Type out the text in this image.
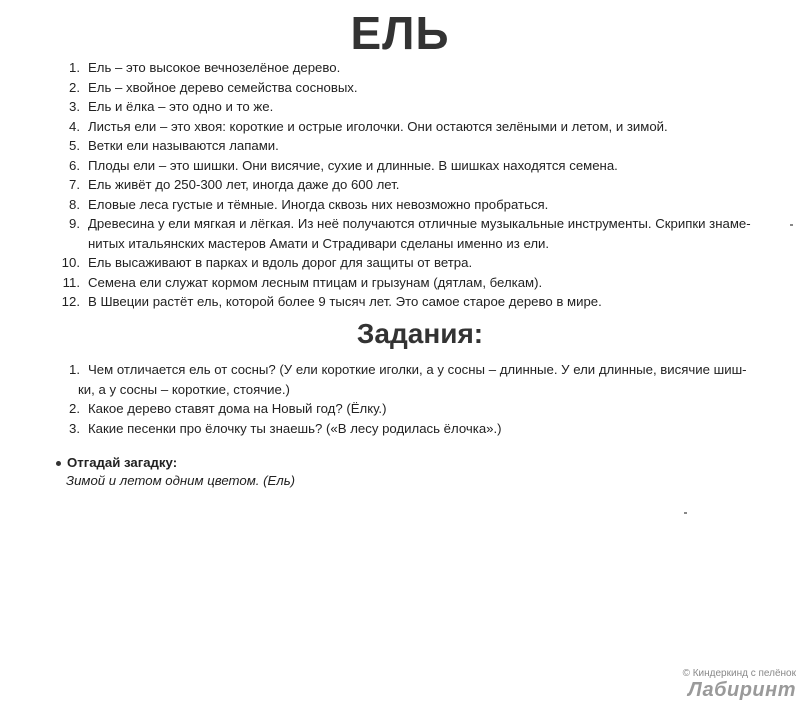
ЕЛЬ
1. Ель – это высокое вечнозелёное дерево.
2. Ель – хвойное дерево семейства сосновых.
3. Ель и ёлка – это одно и то же.
4. Листья ели – это хвоя: короткие и острые иголочки. Они остаются зелёными и летом, и зимой.
5. Ветки ели называются лапами.
6. Плоды ели – это шишки. Они висячие, сухие и длинные. В шишках находятся семена.
7. Ель живёт до 250-300 лет, иногда даже до 600 лет.
8. Еловые леса густые и тёмные. Иногда сквозь них невозможно пробраться.
9. Древесина у ели мягкая и лёгкая. Из неё получаются отличные музыкальные инструменты. Скрипки знаме-
нитых итальянских мастеров Амати и Страдивари сделаны именно из ели.
10. Ель высаживают в парках и вдоль дорог для защиты от ветра.
11. Семена ели служат кормом лесным птицам и грызунам (дятлам, белкам).
12. В Швеции растёт ель, которой более 9 тысяч лет. Это самое старое дерево в мире.
Задания:
1. Чем отличается ель от сосны? (У ели короткие иголки, а у сосны – длинные. У ели длинные, висячие шиш-
ки, а у сосны – короткие, стоячие.)
2. Какое дерево ставят дома на Новый год? (Ёлку.)
3. Какие песенки про ёлочку ты знаешь? («В лесу родилась ёлочка».)
Отгадай загадку:
Зимой и летом одним цветом. (Ель)
© Киндеркинд с пелёнок
Лабиринт
